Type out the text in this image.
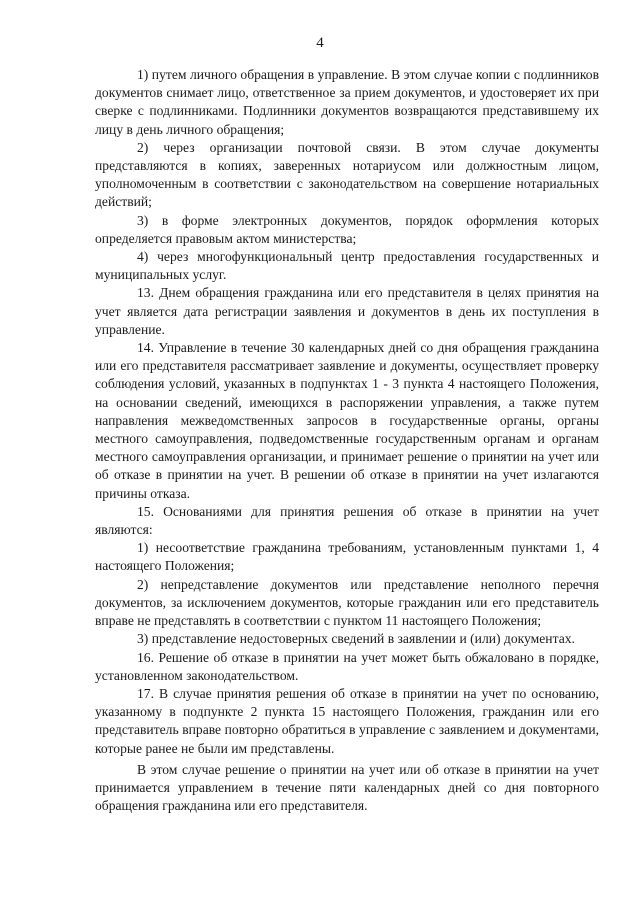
4

1) путем личного обращения в управление. В этом случае копии с подлинников документов снимает лицо, ответственное за прием документов, и удостоверяет их при сверке с подлинниками. Подлинники документов возвращаются представившему их лицу в день личного обращения;

2) через организации почтовой связи. В этом случае документы представляются в копиях, заверенных нотариусом или должностным лицом, уполномоченным в соответствии с законодательством на совершение нотариальных действий;

3) в форме электронных документов, порядок оформления которых определяется правовым актом министерства;

4) через многофункциональный центр предоставления государственных и муниципальных услуг.

13. Днем обращения гражданина или его представителя в целях принятия на учет является дата регистрации заявления и документов в день их поступления в управление.

14. Управление в течение 30 календарных дней со дня обращения гражданина или его представителя рассматривает заявление и документы, осуществляет проверку соблюдения условий, указанных в подпунктах 1 - 3 пункта 4 настоящего Положения, на основании сведений, имеющихся в распоряжении управления, а также путем направления межведомственных запросов в государственные органы, органы местного самоуправления, подведомственные государственным органам и органам местного самоуправления организации, и принимает решение о принятии на учет или об отказе в принятии на учет. В решении об отказе в принятии на учет излагаются причины отказа.

15. Основаниями для принятия решения об отказе в принятии на учет являются:

1) несоответствие гражданина требованиям, установленным пунктами 1, 4 настоящего Положения;

2) непредставление документов или представление неполного перечня документов, за исключением документов, которые гражданин или его представитель вправе не представлять в соответствии с пунктом 11 настоящего Положения;

3) представление недостоверных сведений в заявлении и (или) документах.

16. Решение об отказе в принятии на учет может быть обжаловано в порядке, установленном законодательством.

17. В случае принятия решения об отказе в принятии на учет по основанию, указанному в подпункте 2 пункта 15 настоящего Положения, гражданин или его представитель вправе повторно обратиться в управление с заявлением и документами, которые ранее не были им представлены.

В этом случае решение о принятии на учет или об отказе в принятии на учет принимается управлением в течение пяти календарных дней со дня повторного обращения гражданина или его представителя.
